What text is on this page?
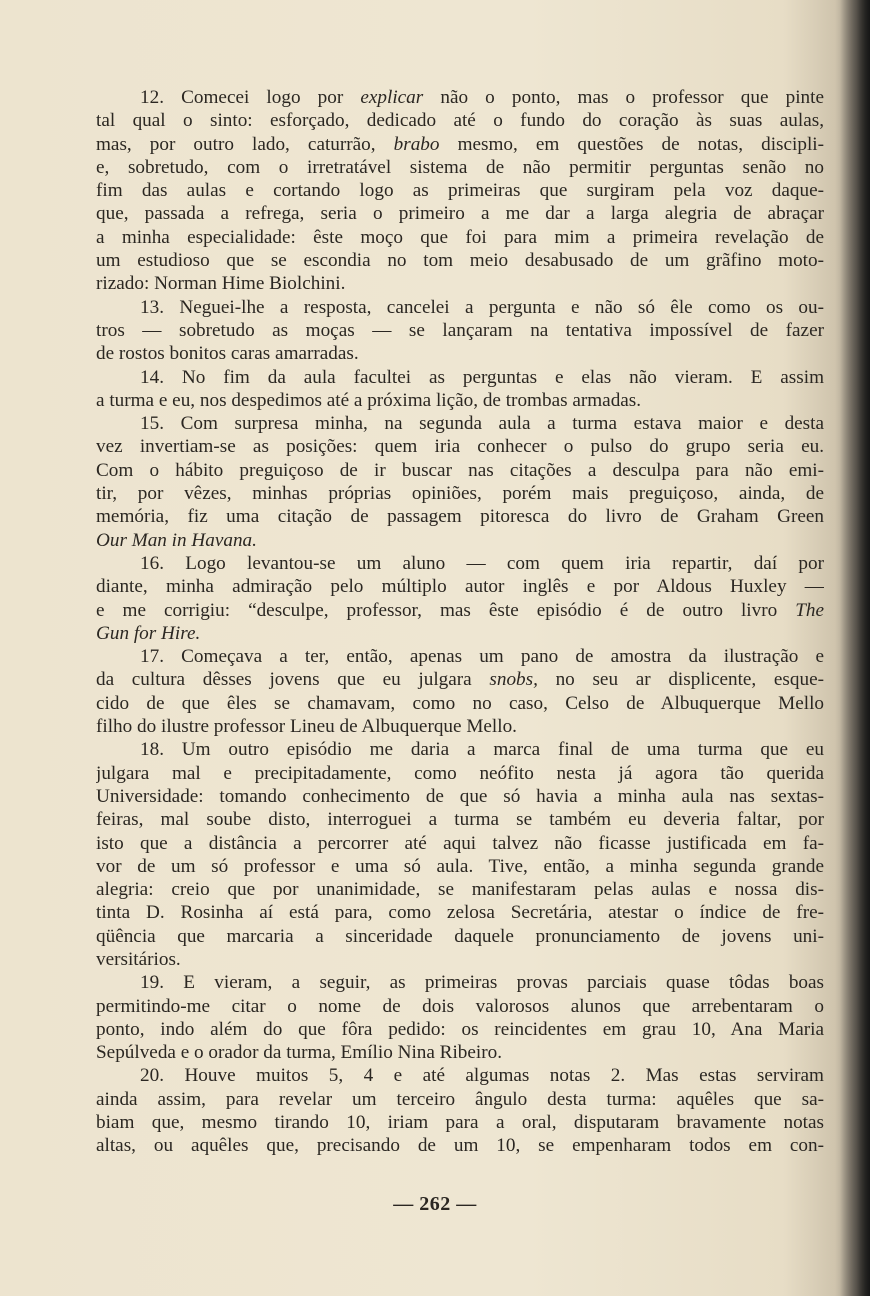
12. Comecei logo por explicar não o ponto, mas o professor que pinte
tal qual o sinto: esforçado, dedicado até o fundo do coração às suas aulas,
mas, por outro lado, caturrão, brabo mesmo, em questões de notas, discipli-
e, sobretudo, com o irretratável sistema de não permitir perguntas senão no
fim das aulas e cortando logo as primeiras que surgiram pela voz daque-
que, passada a refrega, seria o primeiro a me dar a larga alegria de abraçar
a minha especialidade: êste moço que foi para mim a primeira revelação de
um estudioso que se escondia no tom meio desabusado de um grãfino moto-
rizado: Norman Hime Biolchini.
13. Neguei-lhe a resposta, cancelei a pergunta e não só êle como os ou-
tros — sobretudo as moças — se lançaram na tentativa impossível de fazer
de rostos bonitos caras amarradas.
14. No fim da aula facultei as perguntas e elas não vieram. E assim
a turma e eu, nos despedimos até a próxima lição, de trombas armadas.
15. Com surpresa minha, na segunda aula a turma estava maior e desta
vez invertiam-se as posições: quem iria conhecer o pulso do grupo seria eu.
Com o hábito preguiçoso de ir buscar nas citações a desculpa para não emi-
tir, por vêzes, minhas próprias opiniões, porém mais preguiçoso, ainda, de
memória, fiz uma citação de passagem pitoresca do livro de Graham Green
Our Man in Havana.
16. Logo levantou-se um aluno — com quem iria repartir, daí por
diante, minha admiração pelo múltiplo autor inglês e por Aldous Huxley —
e me corrigiu: “desculpe, professor, mas êste episódio é de outro livro The
Gun for Hire.
17. Começava a ter, então, apenas um pano de amostra da ilustração e
da cultura dêsses jovens que eu julgara snobs, no seu ar displicente, esque-
cido de que êles se chamavam, como no caso, Celso de Albuquerque Mello
filho do ilustre professor Lineu de Albuquerque Mello.
18. Um outro episódio me daria a marca final de uma turma que eu
julgara mal e precipitadamente, como neófito nesta já agora tão querida
Universidade: tomando conhecimento de que só havia a minha aula nas sextas-
feiras, mal soube disto, interroguei a turma se também eu deveria faltar, por
isto que a distância a percorrer até aqui talvez não ficasse justificada em fa-
vor de um só professor e uma só aula. Tive, então, a minha segunda grande
alegria: creio que por unanimidade, se manifestaram pelas aulas e nossa dis-
tinta D. Rosinha aí está para, como zelosa Secretária, atestar o índice de fre-
qüência que marcaria a sinceridade daquele pronunciamento de jovens uni-
versitários.
19. E vieram, a seguir, as primeiras provas parciais quase tôdas boas
permitindo-me citar o nome de dois valorosos alunos que arrebentaram o
ponto, indo além do que fôra pedido: os reincidentes em grau 10, Ana Maria
Sepúlveda e o orador da turma, Emílio Nina Ribeiro.
20. Houve muitos 5, 4 e até algumas notas 2. Mas estas serviram
ainda assim, para revelar um terceiro ângulo desta turma: aquêles que sa-
biam que, mesmo tirando 10, iriam para a oral, disputaram bravamente notas
altas, ou aquêles que, precisando de um 10, se empenharam todos em con-
— 262 —
